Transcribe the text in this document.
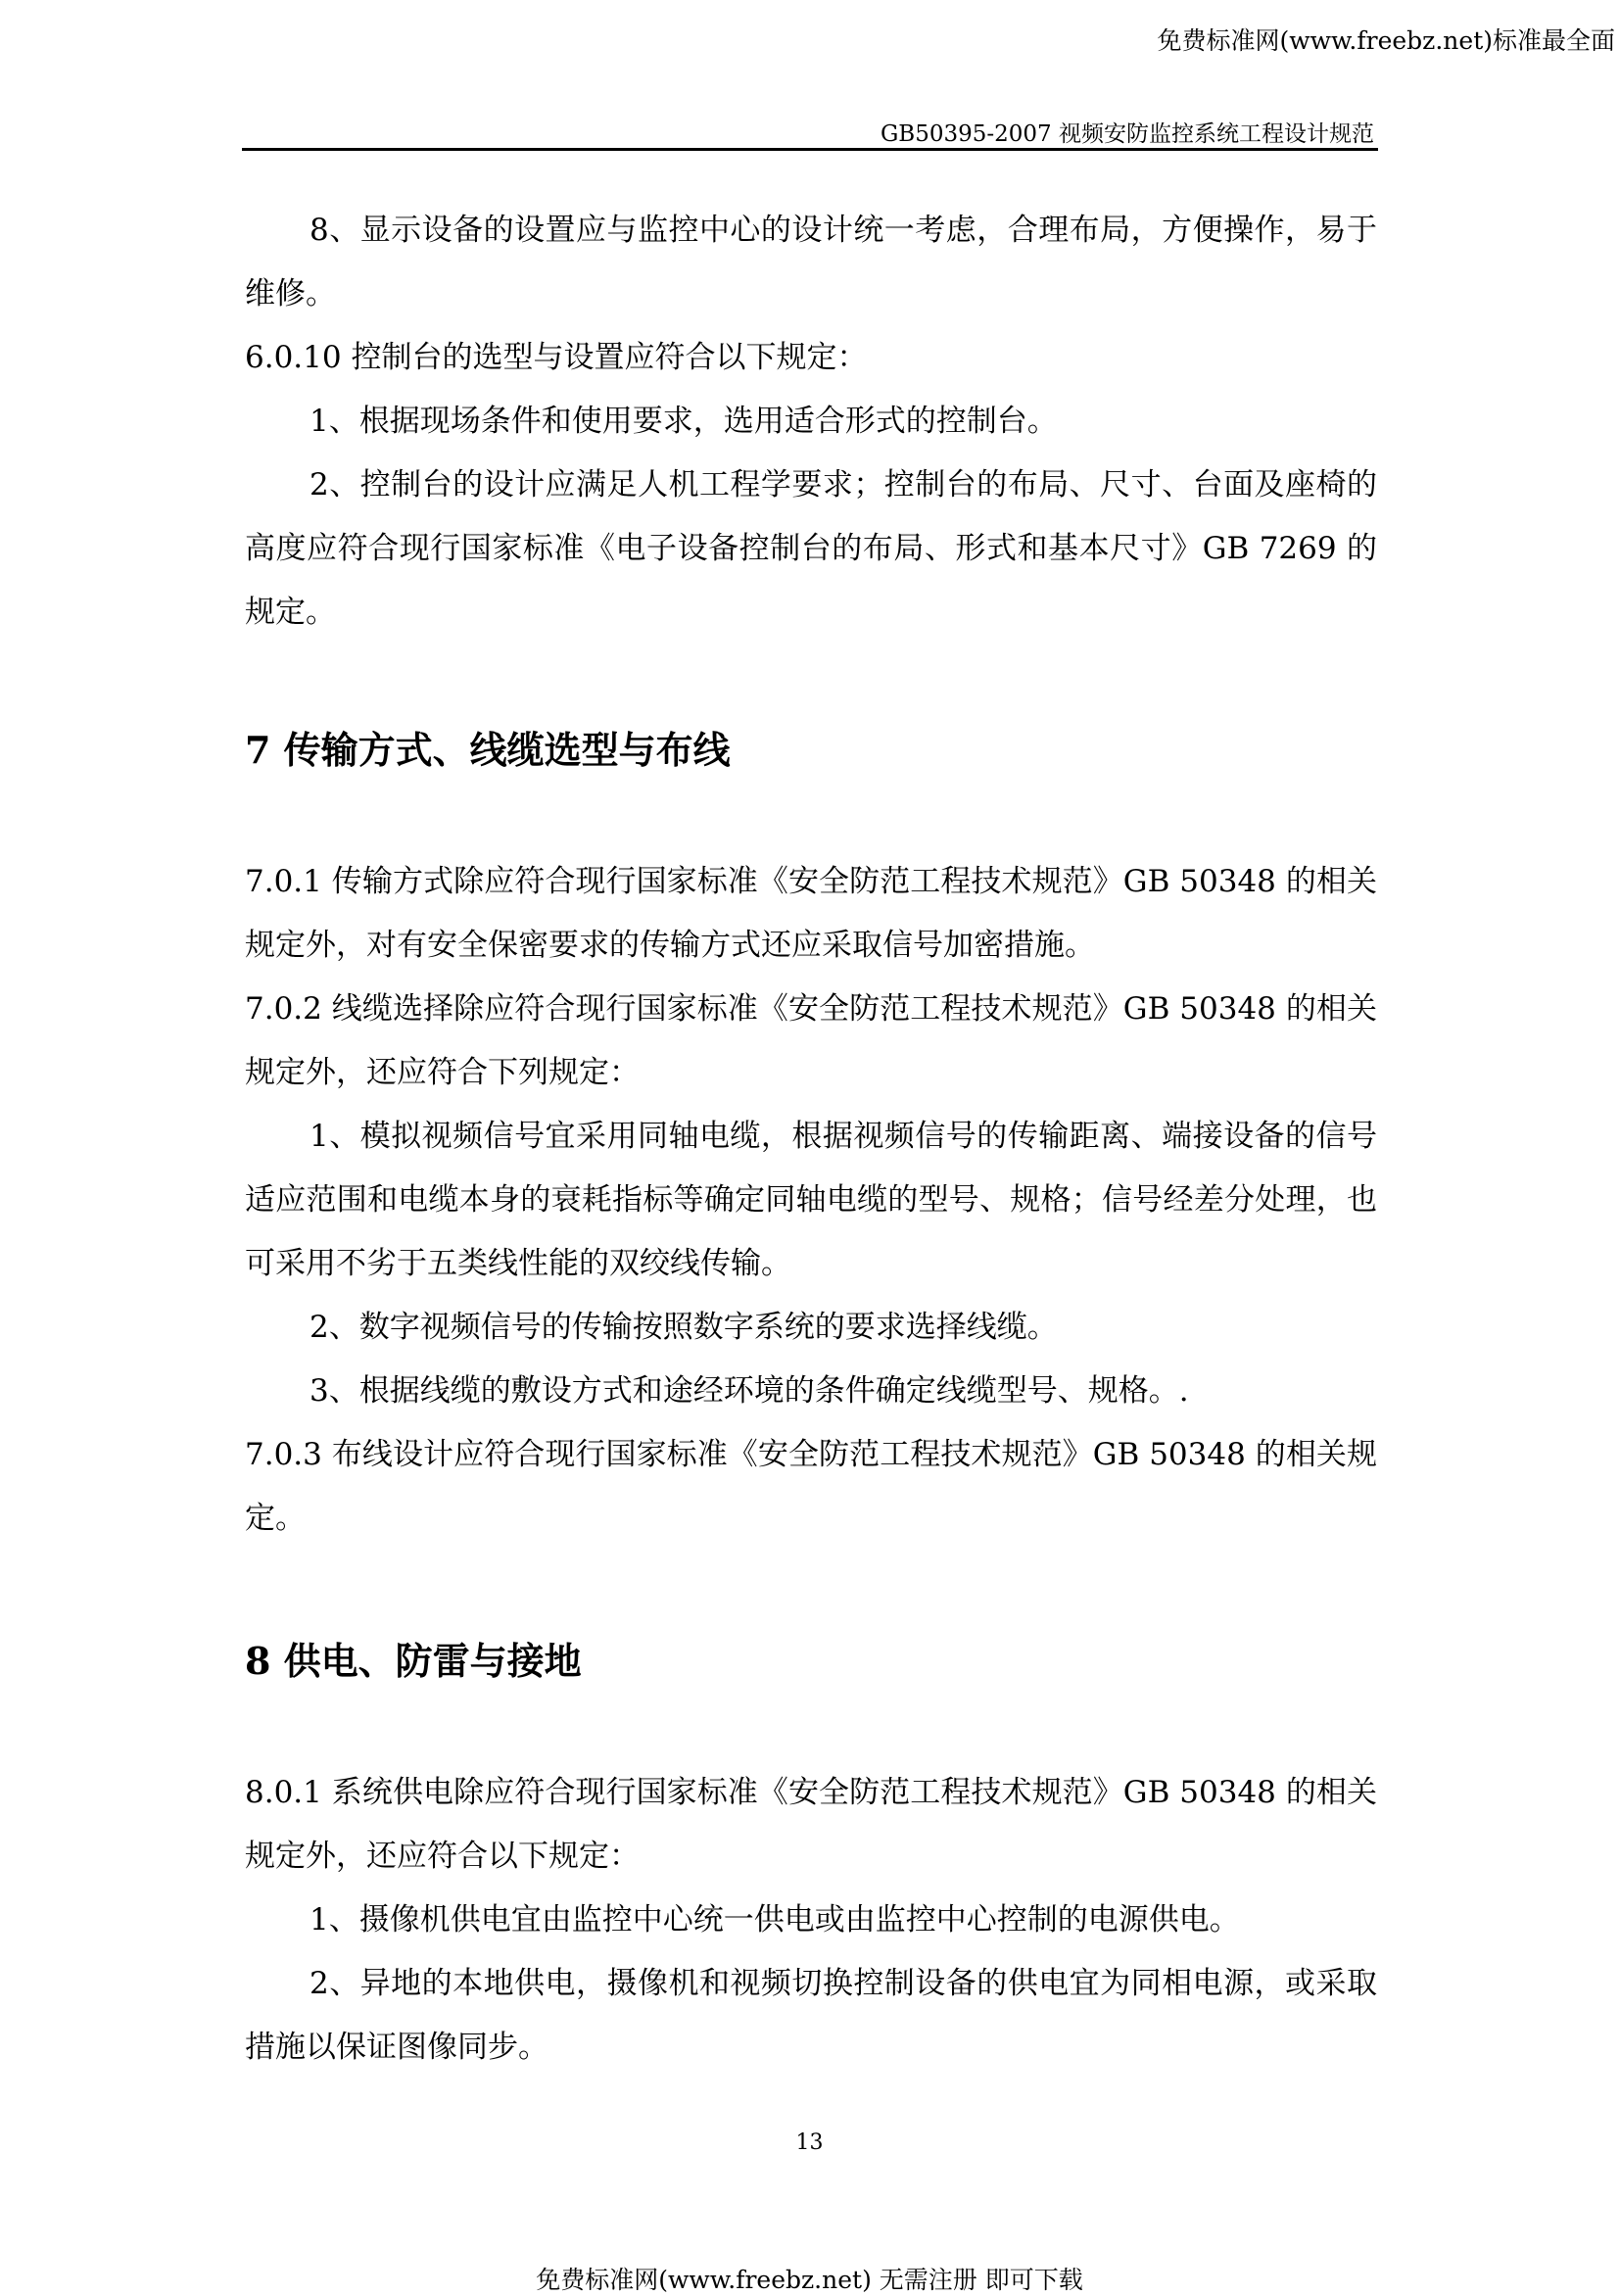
免费标准网(www.freebz.net)标准最全面
GB50395-2007 视频安防监控系统工程设计规范

8、显示设备的设置应与监控中心的设计统一考虑，合理布局，方便操作，易于维修。

6.0.10 控制台的选型与设置应符合以下规定：

1、根据现场条件和使用要求，选用适合形式的控制台。

2、控制台的设计应满足人机工程学要求；控制台的布局、尺寸、台面及座椅的高度应符合现行国家标准《电子设备控制台的布局、形式和基本尺寸》GB 7269 的规定。

7 传输方式、线缆选型与布线

7.0.1 传输方式除应符合现行国家标准《安全防范工程技术规范》GB 50348 的相关规定外，对有安全保密要求的传输方式还应采取信号加密措施。

7.0.2 线缆选择除应符合现行国家标准《安全防范工程技术规范》GB 50348 的相关规定外，还应符合下列规定：

1、模拟视频信号宜采用同轴电缆，根据视频信号的传输距离、端接设备的信号适应范围和电缆本身的衰耗指标等确定同轴电缆的型号、规格；信号经差分处理，也可采用不劣于五类线性能的双绞线传输。

2、数字视频信号的传输按照数字系统的要求选择线缆。

3、根据线缆的敷设方式和途经环境的条件确定线缆型号、规格。.

7.0.3 布线设计应符合现行国家标准《安全防范工程技术规范》GB 50348 的相关规定。

8 供电、防雷与接地

8.0.1 系统供电除应符合现行国家标准《安全防范工程技术规范》GB 50348 的相关规定外，还应符合以下规定：

1、摄像机供电宜由监控中心统一供电或由监控中心控制的电源供电。

2、异地的本地供电，摄像机和视频切换控制设备的供电宜为同相电源，或采取措施以保证图像同步。

13
免费标准网(www.freebz.net) 无需注册 即可下载
